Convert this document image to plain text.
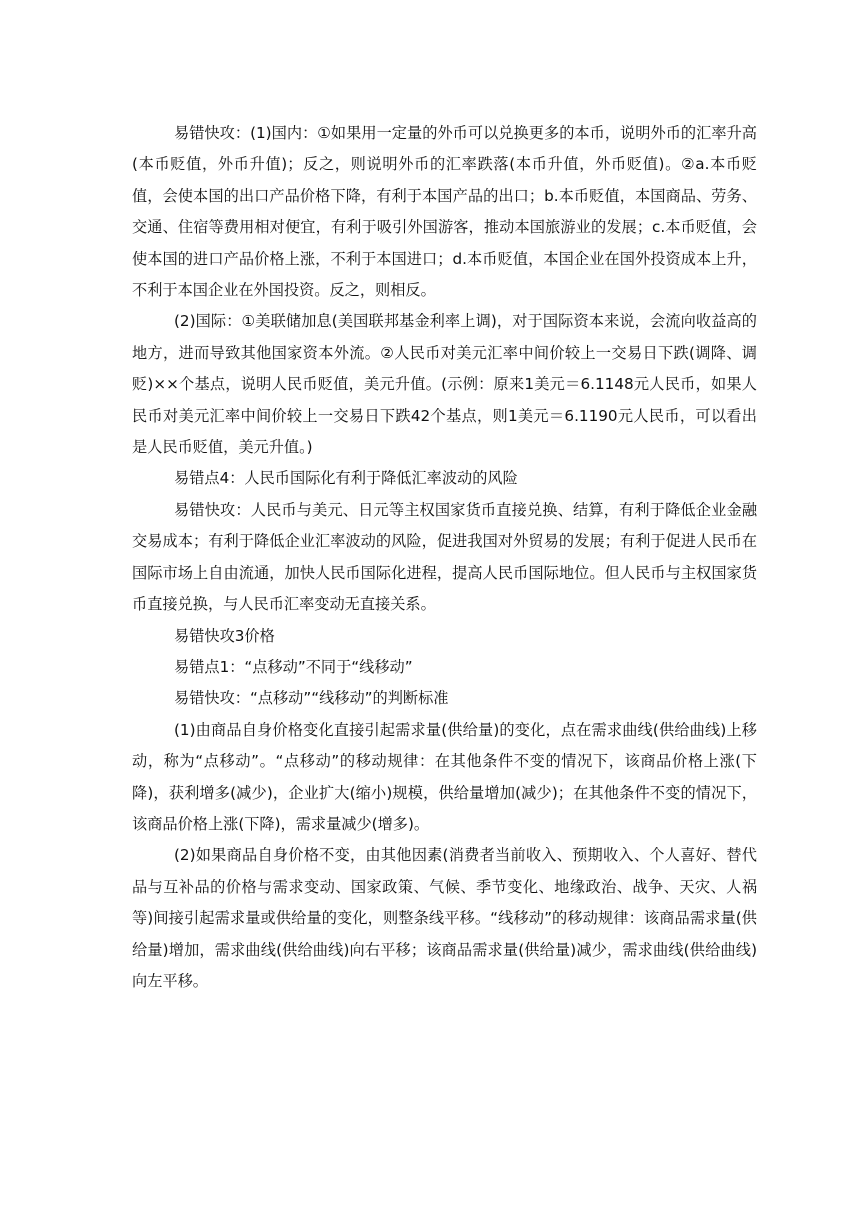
易错快攻：(1)国内：①如果用一定量的外币可以兑换更多的本币，说明外币的汇率升高(本币贬值，外币升值)；反之，则说明外币的汇率跌落(本币升值，外币贬值)。②a.本币贬值，会使本国的出口产品价格下降，有利于本国产品的出口；b.本币贬值，本国商品、劳务、交通、住宿等费用相对便宜，有利于吸引外国游客，推动本国旅游业的发展；c.本币贬值，会使本国的进口产品价格上涨，不利于本国进口；d.本币贬值，本国企业在国外投资成本上升，不利于本国企业在外国投资。反之，则相反。

(2)国际：①美联储加息(美国联邦基金利率上调)，对于国际资本来说，会流向收益高的地方，进而导致其他国家资本外流。②人民币对美元汇率中间价较上一交易日下跌(调降、调贬)××个基点，说明人民币贬值，美元升值。(示例：原来1美元＝6.1148元人民币，如果人民币对美元汇率中间价较上一交易日下跌42个基点，则1美元＝6.1190元人民币，可以看出是人民币贬值，美元升值。)

易错点4：人民币国际化有利于降低汇率波动的风险

易错快攻：人民币与美元、日元等主权国家货币直接兑换、结算，有利于降低企业金融交易成本；有利于降低企业汇率波动的风险，促进我国对外贸易的发展；有利于促进人民币在国际市场上自由流通，加快人民币国际化进程，提高人民币国际地位。但人民币与主权国家货币直接兑换，与人民币汇率变动无直接关系。

易错快攻3价格

易错点1：“点移动”不同于“线移动”

易错快攻：“点移动”“线移动”的判断标准

(1)由商品自身价格变化直接引起需求量(供给量)的变化，点在需求曲线(供给曲线)上移动，称为“点移动”。“点移动”的移动规律：在其他条件不变的情况下，该商品价格上涨(下降)，获利增多(减少)，企业扩大(缩小)规模，供给量增加(减少)；在其他条件不变的情况下，该商品价格上涨(下降)，需求量减少(增多)。

(2)如果商品自身价格不变，由其他因素(消费者当前收入、预期收入、个人喜好、替代品与互补品的价格与需求变动、国家政策、气候、季节变化、地缘政治、战争、天灾、人祸等)间接引起需求量或供给量的变化，则整条线平移。“线移动”的移动规律：该商品需求量(供给量)增加，需求曲线(供给曲线)向右平移；该商品需求量(供给量)减少，需求曲线(供给曲线)向左平移。
